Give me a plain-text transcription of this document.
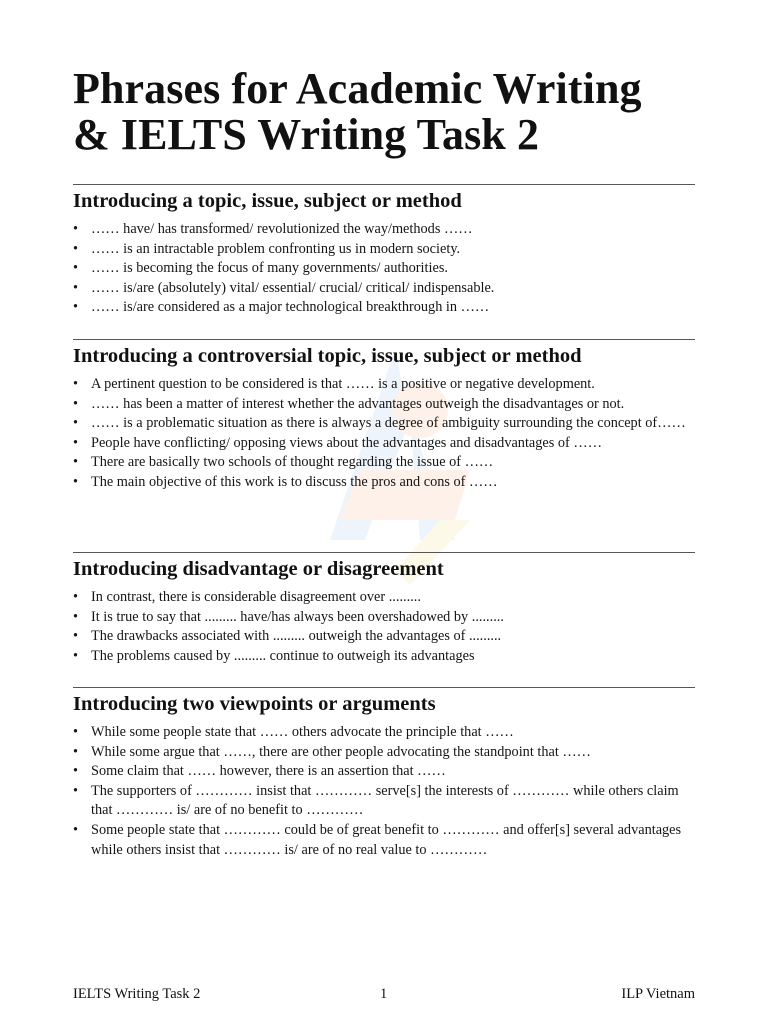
Phrases for Academic Writing
& IELTS Writing Task 2
Introducing a topic, issue, subject or method
• …… have/ has transformed/ revolutionized the way/methods ……
• …… is an intractable problem confronting us in modern society.
• …… is becoming the focus of many governments/ authorities.
• …… is/are (absolutely) vital/ essential/ crucial/ critical/ indispensable.
• …… is/are considered as a major technological breakthrough in ……
Introducing a controversial topic, issue, subject or method
• A pertinent question to be considered is that …… is a positive or negative development.
• …… has been a matter of interest whether the advantages outweigh the disadvantages or not.
• …… is a problematic situation as there is always a degree of ambiguity surrounding the concept of……
• People have conflicting/ opposing views about the advantages and disadvantages of ……
• There are basically two schools of thought regarding the issue of ……
• The main objective of this work is to discuss the pros and cons of ……
Introducing disadvantage or disagreement
• In contrast, there is considerable disagreement over .........
• It is true to say that ......... have/has always been overshadowed by .........
• The drawbacks associated with ......... outweigh the advantages of .........
• The problems caused by ......... continue to outweigh its advantages
Introducing two viewpoints or arguments
• While some people state that …… others advocate the principle that ……
• While some argue that ……, there are other people advocating the standpoint that ……
• Some claim that …… however, there is an assertion that ……
• The supporters of ………… insist that ………… serve[s] the interests of ………… while others claim that ………… is/ are of no benefit to …………
• Some people state that ………… could be of great benefit to ………… and offer[s] several advantages while others insist that ………… is/ are of no real value to …………
IELTS Writing Task 2	1	ILP Vietnam
